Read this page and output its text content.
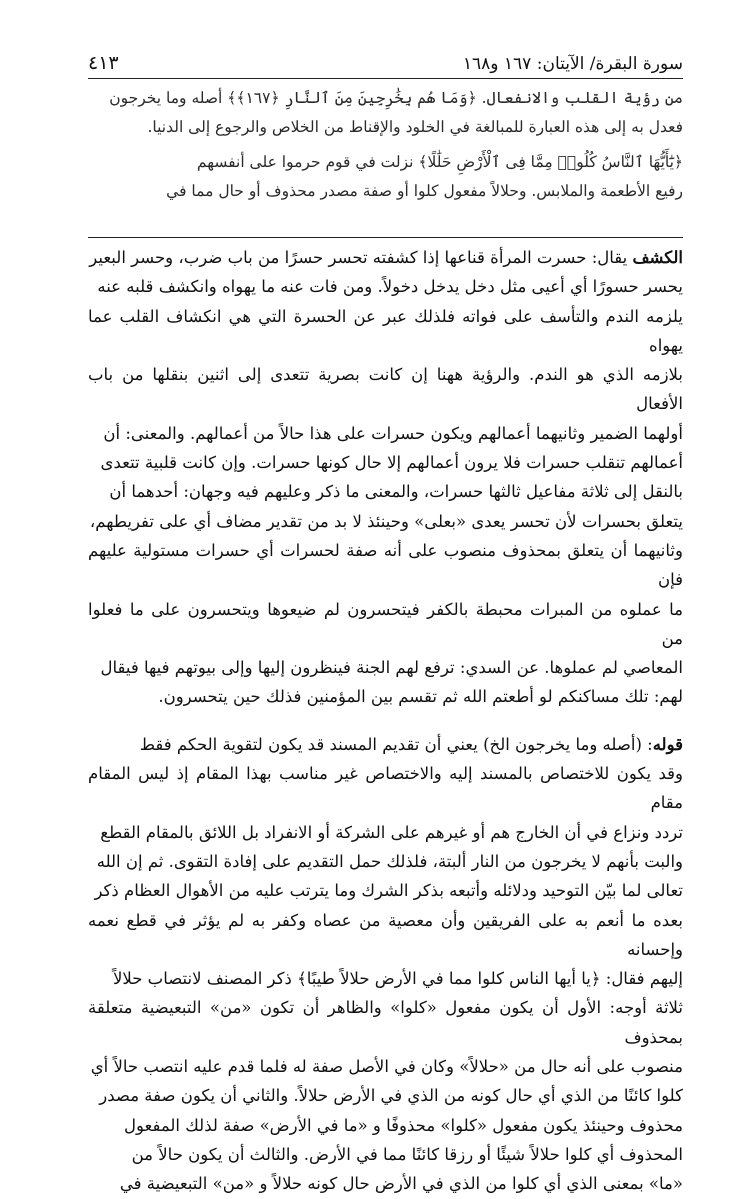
سورة البقرة/ الآيتان: ١٦٧ و١٦٨
٤١٣

من رؤية القلب والانفعال. ﴿وَمَا هُم بِخَٰرِجِينَ مِنَ ٱلنَّارِ ﴿١٦٧﴾﴾ أصله وما يخرجون

فعدل به إلى هذه العبارة للمبالغة في الخلود والإقناط من الخلاص والرجوع إلى الدنيا.

﴿يَٰٓأَيُّهَا ٱلنَّاسُ كُلُوا۟ مِمَّا فِى ٱلْأَرْضِ حَلَٰلًا﴾ نزلت في قوم حرموا على أنفسهم

رفيع الأطعمة والملابس. وحلالاً مفعول كلوا أو صفة مصدر محذوف أو حال مما في

الكشف يقال: حسرت المرأة قناعها إذا كشفته تحسر حسرًا من باب ضرب، وحسر البعير

يحسر حسورًا أي أعيى مثل دخل يدخل دخولاً. ومن فات عنه ما يهواه وانكشف قلبه عنه

يلزمه الندم والتأسف على فواته فلذلك عبر عن الحسرة التي هي انكشاف القلب عما يهواه

بلازمه الذي هو الندم. والرؤية ههنا إن كانت بصرية تتعدى إلى اثنين بنقلها من باب الأفعال

أولهما الضمير وثانيهما أعمالهم ويكون حسرات على هذا حالاً من أعمالهم. والمعنى: أن

أعمالهم تنقلب حسرات فلا يرون أعمالهم إلا حال كونها حسرات. وإن كانت قلبية تتعدى

بالنقل إلى ثلاثة مفاعيل ثالثها حسرات، والمعنى ما ذكر وعليهم فيه وجهان: أحدهما أن

يتعلق بحسرات لأن تحسر يعدى «بعلى» وحينئذ لا بد من تقدير مضاف أي على تفريطهم،

وثانيهما أن يتعلق بمحذوف منصوب على أنه صفة لحسرات أي حسرات مستولية عليهم فإن

ما عملوه من المبرات محبطة بالكفر فيتحسرون لم ضيعوها ويتحسرون على ما فعلوا من

المعاصي لم عملوها. عن السدي: ترفع لهم الجنة فينظرون إليها وإلى بيوتهم فيها فيقال

لهم: تلك مساكنكم لو أطعتم الله ثم تقسم بين المؤمنين فذلك حين يتحسرون.

قوله: (أصله وما يخرجون الخ) يعني أن تقديم المسند قد يكون لتقوية الحكم فقط

وقد يكون للاختصاص بالمسند إليه والاختصاص غير مناسب بهذا المقام إذ ليس المقام مقام

تردد ونزاع في أن الخارج هم أو غيرهم على الشركة أو الانفراد بل اللائق بالمقام القطع

والبت بأنهم لا يخرجون من النار ألبتة، فلذلك حمل التقديم على إفادة التقوى. ثم إن الله

تعالى لما بيّن التوحيد ودلائله وأتبعه بذكر الشرك وما يترتب عليه من الأهوال العظام ذكر

بعده ما أنعم به على الفريقين وأن معصية من عصاه وكفر به لم يؤثر في قطع نعمه وإحسانه

إليهم فقال: ﴿يا أيها الناس كلوا مما في الأرض حلالاً طيبًا﴾ ذكر المصنف لانتصاب حلالاً

ثلاثة أوجه: الأول أن يكون مفعول «كلوا» والظاهر أن تكون «من» التبعيضية متعلقة بمحذوف

منصوب على أنه حال من «حلالاً» وكان في الأصل صفة له فلما قدم عليه انتصب حالاً أي

كلوا كائنًا من الذي أي حال كونه من الذي في الأرض حلالاً. والثاني أن يكون صفة مصدر

محذوف وحينئذ يكون مفعول «كلوا» محذوفًا و «ما في الأرض» صفة لذلك المفعول

المحذوف أي كلوا حلالاً شيئًا أو رزقا كائنًا مما في الأرض. والثالث أن يكون حالاً من

«ما» بمعنى الذي أي كلوا من الذي في الأرض حال كونه حلالاً و «من» التبعيضية في
